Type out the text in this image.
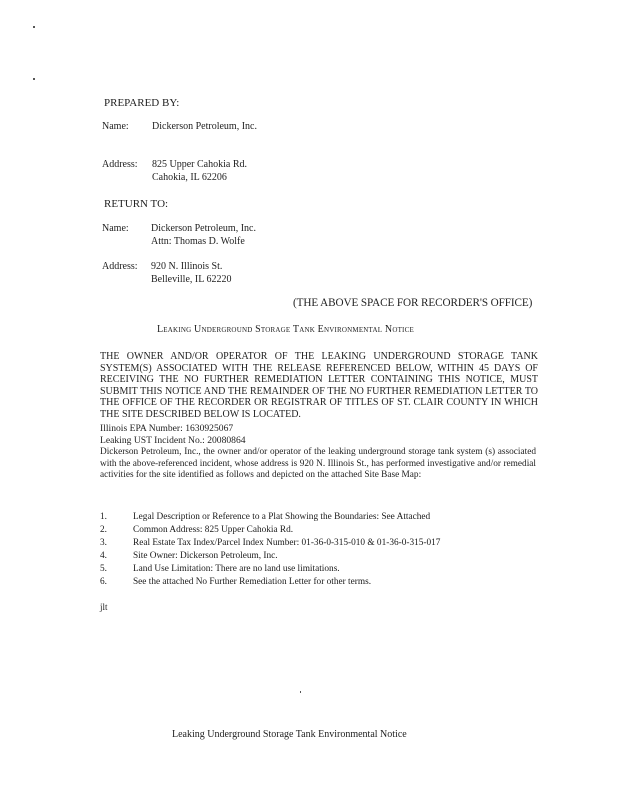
PREPARED BY:
Name: Dickerson Petroleum, Inc.
Address: 825 Upper Cahokia Rd.
Cahokia, IL 62206
RETURN TO:
Name: Dickerson Petroleum, Inc.
Attn: Thomas D. Wolfe
Address: 920 N. Illinois St.
Belleville, IL 62220
(THE ABOVE SPACE FOR RECORDER'S OFFICE)
Leaking Underground Storage Tank Environmental Notice
THE OWNER AND/OR OPERATOR OF THE LEAKING UNDERGROUND STORAGE TANK SYSTEM(S) ASSOCIATED WITH THE RELEASE REFERENCED BELOW, WITHIN 45 DAYS OF RECEIVING THE NO FURTHER REMEDIATION LETTER CONTAINING THIS NOTICE, MUST SUBMIT THIS NOTICE AND THE REMAINDER OF THE NO FURTHER REMEDIATION LETTER TO THE OFFICE OF THE RECORDER OR REGISTRAR OF TITLES OF ST. CLAIR COUNTY IN WHICH THE SITE DESCRIBED BELOW IS LOCATED.
Illinois EPA Number: 1630925067
Leaking UST Incident No.: 20080864
Dickerson Petroleum, Inc., the owner and/or operator of the leaking underground storage tank system (s) associated with the above-referenced incident, whose address is 920 N. Illinois St., has performed investigative and/or remedial activities for the site identified as follows and depicted on the attached Site Base Map:
1.	Legal Description or Reference to a Plat Showing the Boundaries: See Attached
2.	Common Address: 825 Upper Cahokia Rd.
3.	Real Estate Tax Index/Parcel Index Number: 01-36-0-315-010 & 01-36-0-315-017
4.	Site Owner: Dickerson Petroleum, Inc.
5.	Land Use Limitation: There are no land use limitations.
6.	See the attached No Further Remediation Letter for other terms.
jlt
Leaking Underground Storage Tank Environmental Notice
